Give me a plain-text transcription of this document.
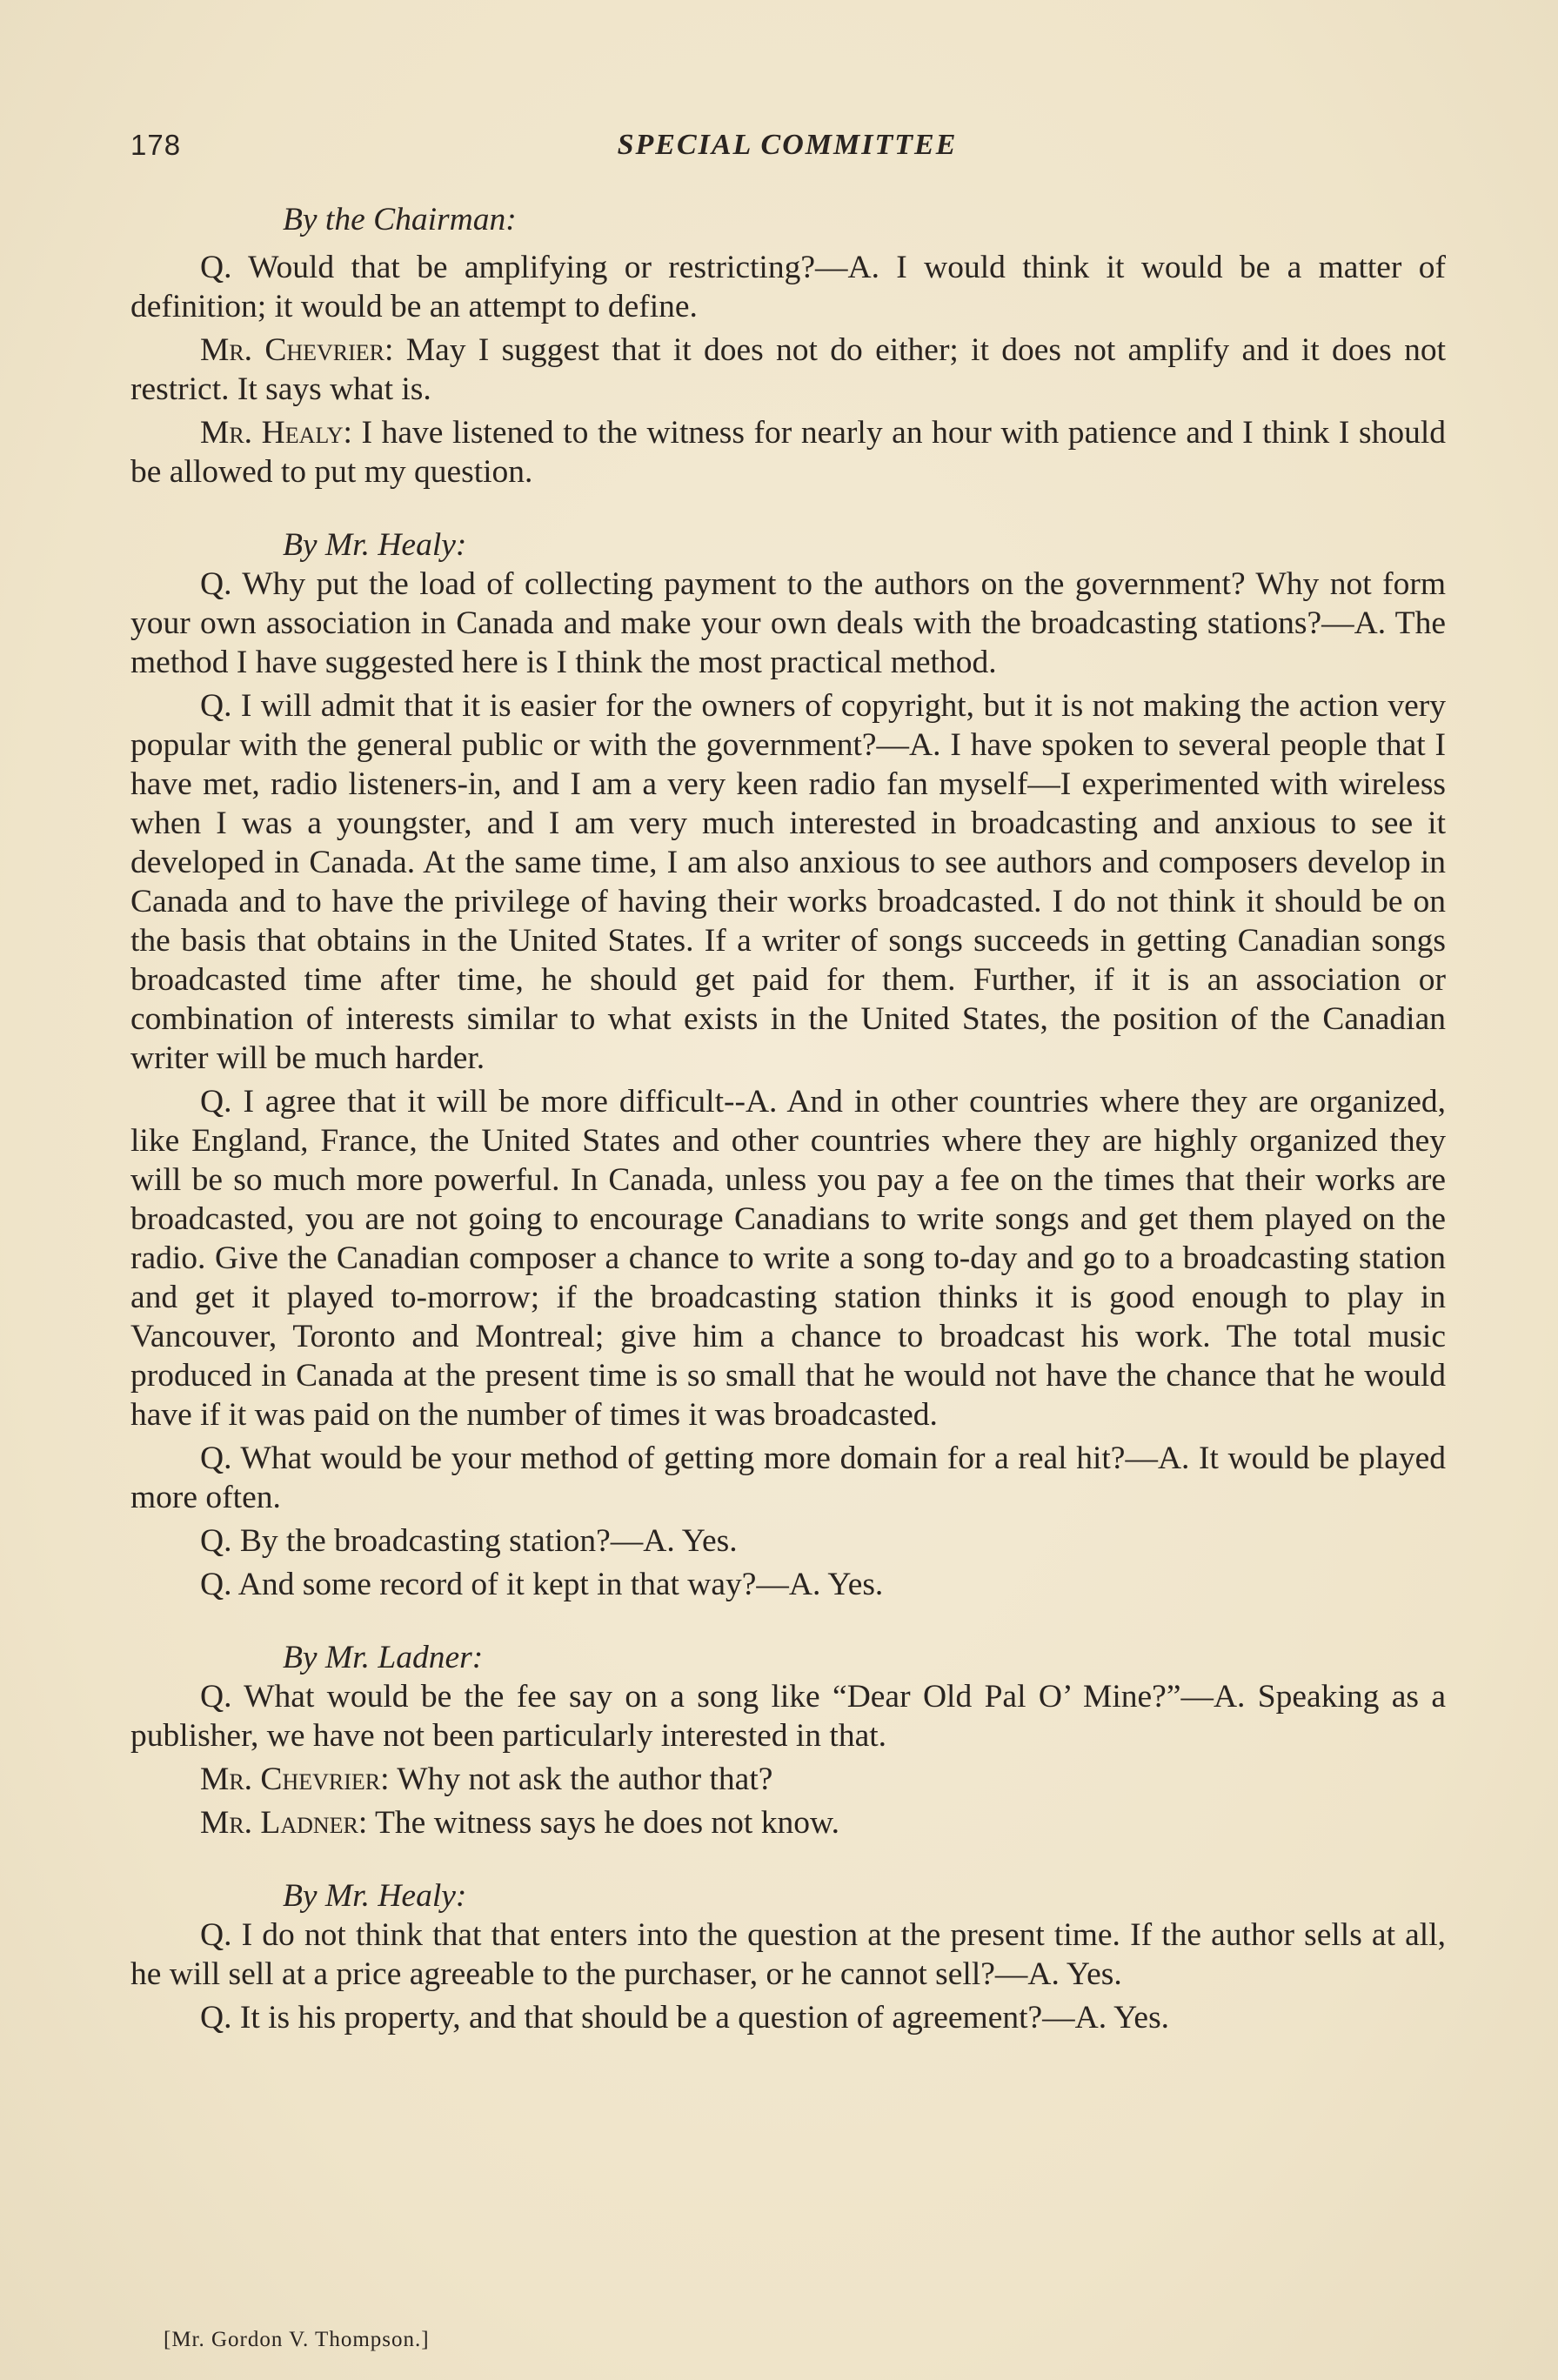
178	SPECIAL COMMITTEE
By the Chairman:

Q. Would that be amplifying or restricting?—A. I would think it would be a matter of definition; it would be an attempt to define.

Mr. Chevrier: May I suggest that it does not do either; it does not amplify and it does not restrict. It says what is.

Mr. Healy: I have listened to the witness for nearly an hour with patience and I think I should be allowed to put my question.

By Mr. Healy:

Q. Why put the load of collecting payment to the authors on the government? Why not form your own association in Canada and make your own deals with the broadcasting stations?—A. The method I have suggested here is I think the most practical method.

Q. I will admit that it is easier for the owners of copyright, but it is not making the action very popular with the general public or with the government?—A. I have spoken to several people that I have met, radio listeners-in, and I am a very keen radio fan myself—I experimented with wireless when I was a youngster, and I am very much interested in broadcasting and anxious to see it developed in Canada. At the same time, I am also anxious to see authors and composers develop in Canada and to have the privilege of having their works broadcasted. I do not think it should be on the basis that obtains in the United States. If a writer of songs succeeds in getting Canadian songs broadcasted time after time, he should get paid for them. Further, if it is an association or combination of interests similar to what exists in the United States, the position of the Canadian writer will be much harder.

Q. I agree that it will be more difficult--A. And in other countries where they are organized, like England, France, the United States and other countries where they are highly organized they will be so much more powerful. In Canada, unless you pay a fee on the times that their works are broadcasted, you are not going to encourage Canadians to write songs and get them played on the radio. Give the Canadian composer a chance to write a song to-day and go to a broadcasting station and get it played to-morrow; if the broadcasting station thinks it is good enough to play in Vancouver, Toronto and Montreal; give him a chance to broadcast his work. The total music produced in Canada at the present time is so small that he would not have the chance that he would have if it was paid on the number of times it was broadcasted.

Q. What would be your method of getting more domain for a real hit?—A. It would be played more often.

Q. By the broadcasting station?—A. Yes.

Q. And some record of it kept in that way?—A. Yes.

By Mr. Ladner:

Q. What would be the fee say on a song like “Dear Old Pal O’ Mine?”—A. Speaking as a publisher, we have not been particularly interested in that.

Mr. Chevrier: Why not ask the author that?

Mr. Ladner: The witness says he does not know.

By Mr. Healy:

Q. I do not think that that enters into the question at the present time. If the author sells at all, he will sell at a price agreeable to the purchaser, or he cannot sell?—A. Yes.

Q. It is his property, and that should be a question of agreement?—A. Yes.

[Mr. Gordon V. Thompson.]
